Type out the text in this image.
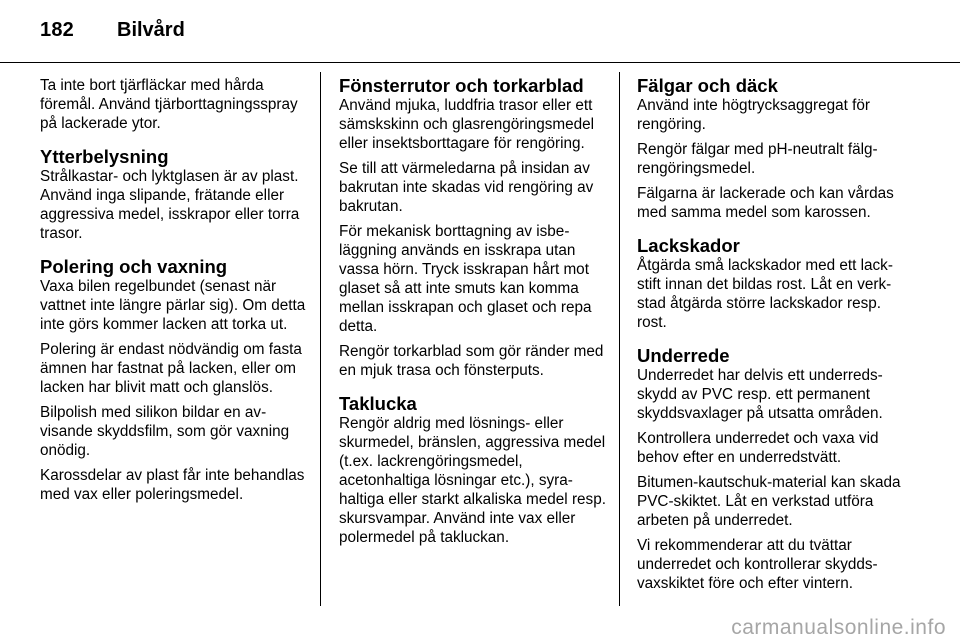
182 Bilvård

Ta inte bort tjärfläckar med hårda föremål. Använd tjärborttagningsspray på lackerade ytor.

Ytterbelysning

Strålkastar- och lyktglasen är av plast. Använd inga slipande, frätande eller aggressiva medel, isskrapor eller torra trasor.

Polering och vaxning

Vaxa bilen regelbundet (senast när vattnet inte längre pärlar sig). Om detta inte görs kommer lacken att torka ut.

Polering är endast nödvändig om fasta ämnen har fastnat på lacken, eller om lacken har blivit matt och glanslös.

Bilpolish med silikon bildar en avvisande skyddsfilm, som gör vaxning onödig.

Karossdelar av plast får inte behandlas med vax eller poleringsmedel.

Fönsterrutor och torkarblad

Använd mjuka, luddfria trasor eller ett sämskskinn och glasrengöringsmedel eller insektsborttagare för rengöring.

Se till att värmeledarna på insidan av bakrutan inte skadas vid rengöring av bakrutan.

För mekanisk borttagning av isbeläggning används en isskrapa utan vassa hörn. Tryck isskrapan hårt mot glaset så att inte smuts kan komma mellan isskrapan och glaset och repa detta.

Rengör torkarblad som gör ränder med en mjuk trasa och fönsterputs.

Taklucka

Rengör aldrig med lösnings- eller skurmedel, bränslen, aggressiva medel (t.ex. lackrengöringsmedel, acetonhaltiga lösningar etc.), syrahaltiga eller starkt alkaliska medel resp. skursvampar. Använd inte vax eller polermedel på takluckan.

Fälgar och däck

Använd inte högtrycksaggregat för rengöring.

Rengör fälgar med pH-neutralt fälgrengöringsmedel.

Fälgarna är lackerade och kan vårdas med samma medel som karossen.

Lackskador

Åtgärda små lackskador med ett lackstift innan det bildas rost. Låt en verkstad åtgärda större lackskador resp. rost.

Underrede

Underredet har delvis ett underredsskydd av PVC resp. ett permanent skyddsvaxlager på utsatta områden.

Kontrollera underredet och vaxa vid behov efter en underredstvätt.

Bitumen-kautschuk-material kan skada PVC-skiktet. Låt en verkstad utföra arbeten på underredet.

Vi rekommenderar att du tvättar underredet och kontrollerar skyddsvaxskiktet före och efter vintern.

carmanualsonline.info
